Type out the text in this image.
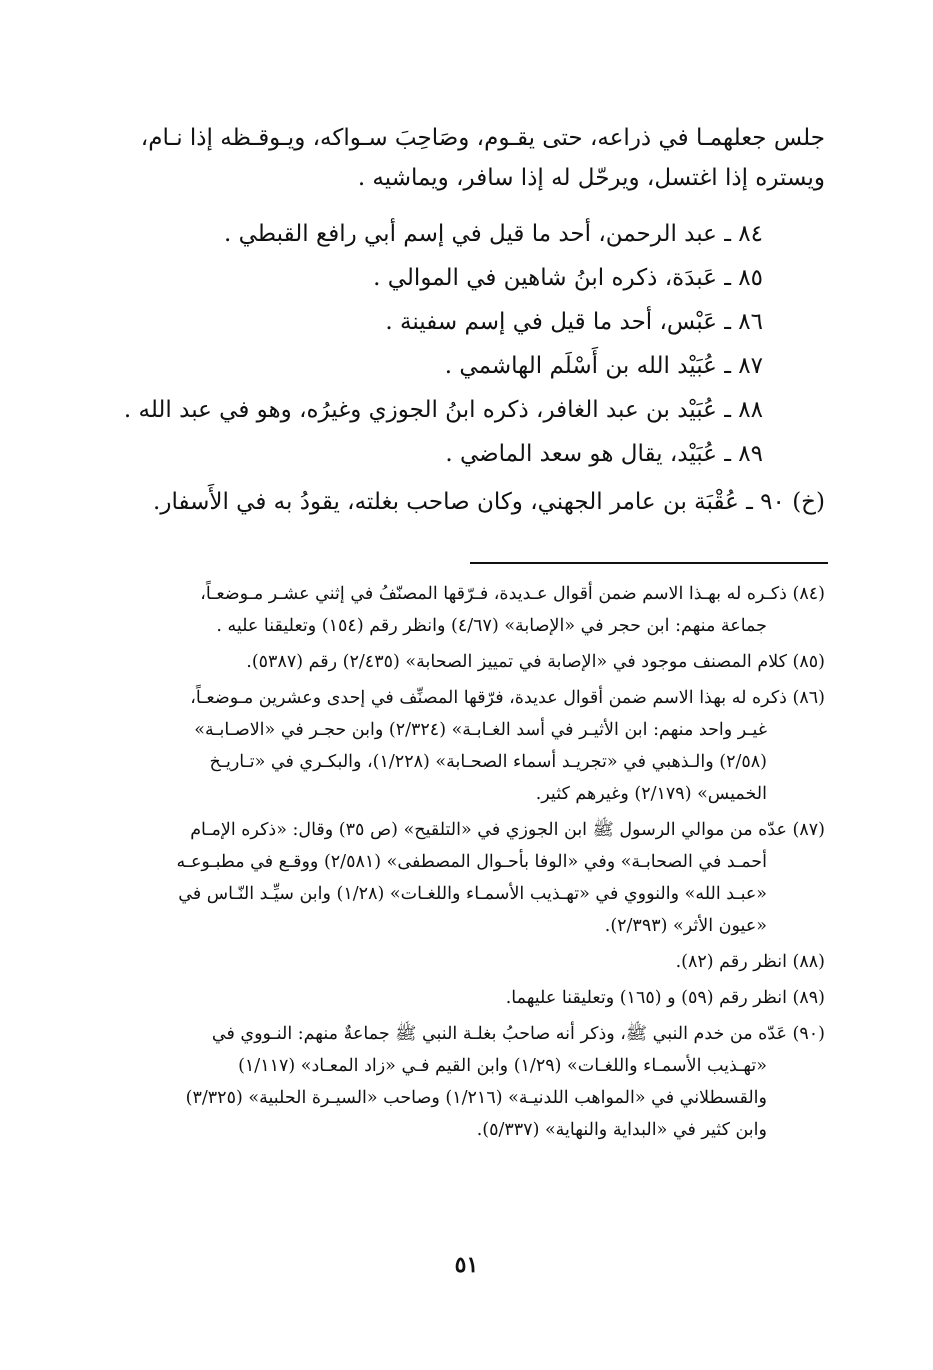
جلس جعلهمـا في ذراعه، حتى يقـوم، وصَاحِبَ سـواكه، ويـوقـظه إذا نـام،
ويستره إذا اغتسل، ويرحّل له إذا سافر، ويماشيه .

٨٤ ـ عبد الرحمن، أحد ما قيل في إسم أبي رافع القبطي .
٨٥ ـ عَبدَة، ذكره ابنُ شاهين في الموالي .
٨٦ ـ عَبْس، أحد ما قيل في إسم سفينة .
٨٧ ـ عُبَيْد الله بن أَسْلَم الهاشمي .
٨٨ ـ عُبَيْد بن عبد الغافر، ذكره ابنُ الجوزي وغيرُه، وهو في عبد الله .
٨٩ ـ عُبَيْد، يقال هو سعد الماضي .
(خ) ٩٠ ـ عُقْبَة بن عامر الجهني، وكان صاحب بغلته، يقودُ به في الأَسفار.
(٨٤) ذكـره له بهـذا الاسم ضمن أقوال عـديدة، فـرّقها المصنّفُ في إثني عشـر مـوضعـاً،
جماعة منهم: ابن حجر في «الإصابة» (٤/٦٧) وانظر رقم (١٥٤) وتعليقنا عليه .
(٨٥) كلام المصنف موجود في «الإصابة في تمييز الصحابة» (٢/٤٣٥) رقم (٥٣٨٧).
(٨٦) ذكره له بهذا الاسم ضمن أقوال عديدة، فرّقها المصنِّف في إحدى وعشرين مـوضعـاً،
غيـر واحد منهم: ابن الأثيـر في أسد الغـابـة» (٢/٣٢٤) وابن حجـر في «الاصـابـة»
(٢/٥٨) والـذهبي في «تجريـد أسماء الصحـابة» (١/٢٢٨)، والبكـري في «تـاريـخ
الخميس» (٢/١٧٩) وغيرهم كثير.
(٨٧) عدّه من موالي الرسول ﷺ ابن الجوزي في «التلقيح» (ص ٣٥) وقال: «ذكره الإمـام
أحمـد في الصحابـة» وفي «الوفا بأحـوال المصطفى» (٢/٥٨١) ووقـع في مطبـوعـه
«عبـد الله» والنووي في «تهـذيب الأسمـاء واللغـات» (١/٢٨) وابن سيِّـد النّـاس في
«عيون الأثر» (٢/٣٩٣).
(٨٨) انظر رقم (٨٢).
(٨٩) انظر رقم (٥٩) و (١٦٥) وتعليقنا عليهما.
(٩٠) عَدّه من خدم النبي ﷺ، وذكر أنه صاحبُ بغلـة النبي ﷺ جماعةٌ منهم: النـووي في
«تهـذيب الأسمـاء واللغـات» (١/٢٩) وابن القيم فـي «زاد المعـاد» (١/١١٧)
والقسطلاني في «المواهب اللدنيـة» (١/٢١٦) وصاحب «السيـرة الحلبية» (٣/٣٢٥)
وابن كثير في «البداية والنهاية» (٥/٣٣٧).
٥١
